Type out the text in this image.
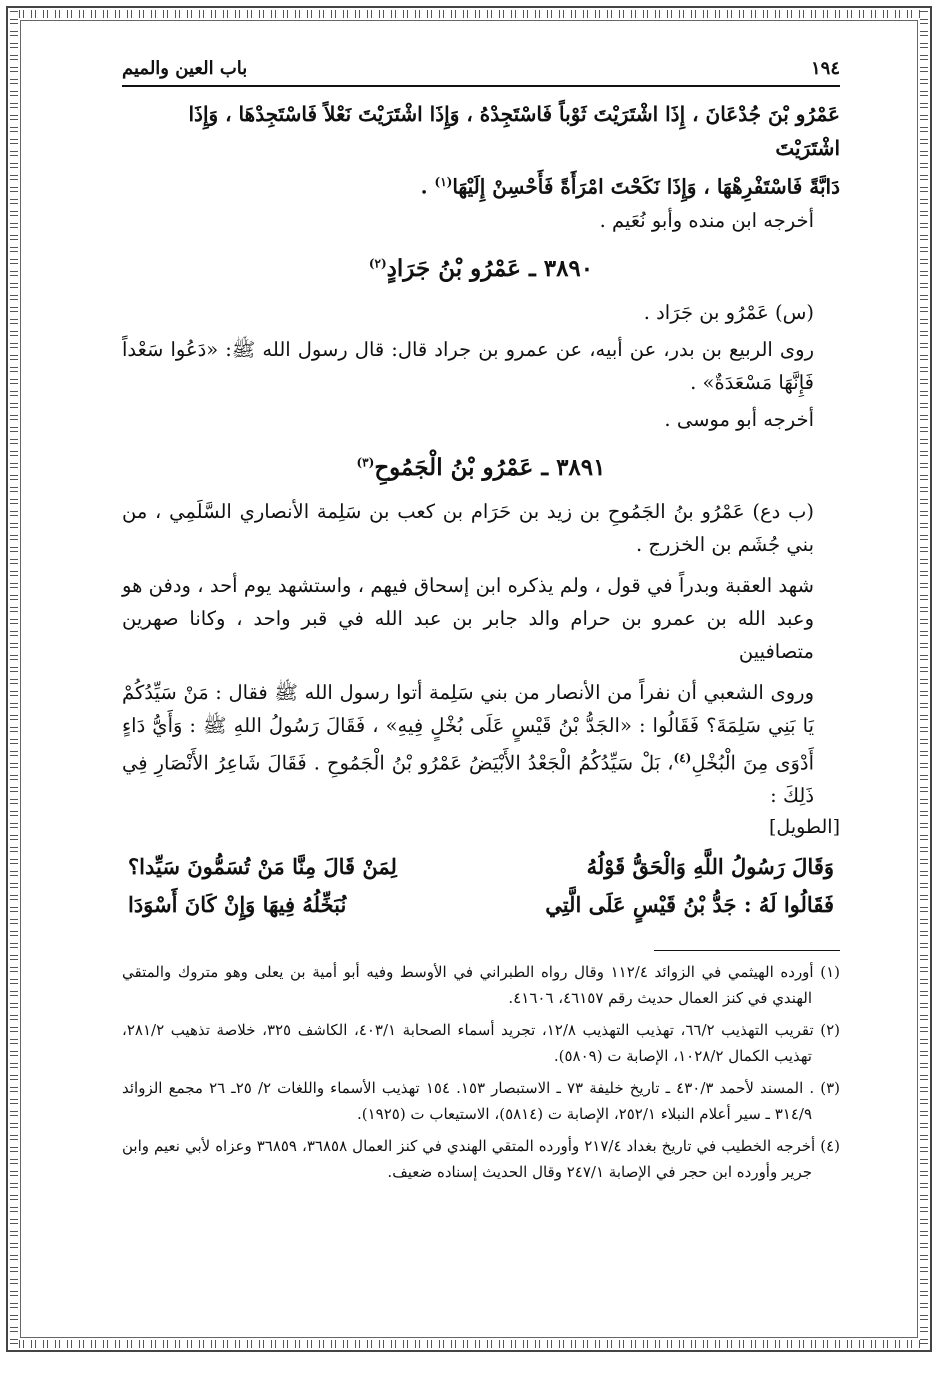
١٩٤
باب العين والميم

عَمْرُو بْنَ جُدْعَانَ ، إِذَا اشْتَرَيْتَ ثَوْباً فَاسْتَجِدْهُ ، وَإِذَا اشْتَرَيْتَ نَعْلاً فَاسْتَجِدْهَا ، وَإِذَا اشْتَرَيْتَ

دَابَّةً فَاسْتَفْرِهْهَا ، وَإِذَا نَكَحْتَ امْرَأَةً فَأَحْسِنْ إِلَيْهَا$^{(١)}$ .

أخرجه ابن منده وأبو نُعَيم .

٣٨٩٠ ـ عَمْرُو بْنُ جَرَادٍ$^{(٢)}$

(س) عَمْرُو بن جَرَاد .

روى الربيع بن بدر، عن أبيه، عن عمرو بن جراد قال: قال رسول الله ﷺ: «دَعُوا سَعْداً فَإِنَّهَا مَسْعَدَةٌ» .

أخرجه أبو موسى .

٣٨٩١ ـ عَمْرُو بْنُ الْجَمُوحِ$^{(٣)}$

(ب دع) عَمْرُو بنُ الجَمُوحِ بن زيد بن حَرَام بن كعب بن سَلِمة الأنصاري السَّلَمِي ، من بني جُشَم بن الخزرج .

شهد العقبة وبدراً في قول ، ولم يذكره ابن إسحاق فيهم ، واستشهد يوم أحد ، ودفن هو وعبد الله بن عمرو بن حرام والد جابر بن عبد الله في قبر واحد ، وكانا صهرين متصافيين

وروى الشعبي أن نفراً من الأنصار من بني سَلِمة أتوا رسول الله ﷺ فقال : مَنْ سَيِّدُكُمْ يَا بَنِي سَلِمَةَ؟ فَقَالُوا : «الجَدُّ بْنُ قَيْسٍ عَلَى بُخْلٍ فِيهِ» ، فَقَالَ رَسُولُ اللهِ ﷺ : وَأَيُّ دَاءٍ أَدْوَى مِنَ الْبُخْلِ$^{(٤)}$، بَلْ سَيِّدُكُمُ الْجَعْدُ الأَبْيَضُ عَمْرُو بْنُ الْجَمُوحِ . فَقَالَ شَاعِرُ الأَنْصَارِ فِي ذَلِكَ :

[الطويل]

وَقَالَ رَسُولُ اللَّهِ وَالْحَقُّ قَوْلُهُ
لِمَنْ قَالَ مِنَّا مَنْ تُسَمُّونَ سَيِّدا؟
فَقَالُوا لَهُ : جَدُّ بْنُ قَيْسٍ عَلَى الَّتِي
نُبَخِّلُهُ فِيهَا وَإِنْ كَانَ أَسْوَدَا

(١) أورده الهيثمي في الزوائد ١١٢/٤ وقال رواه الطبراني في الأوسط وفيه أبو أمية بن يعلى وهو متروك والمتقي الهندي في كنز العمال حديث رقم ٤٦١٥٧، ٤١٦٠٦.

(٢) تقريب التهذيب ٦٦/٢، تهذيب التهذيب ١٢/٨، تجريد أسماء الصحابة ٤٠٣/١، الكاشف ٣٢٥، خلاصة تذهيب ٢٨١/٢، تهذيب الكمال ١٠٢٨/٢، الإصابة ت (٥٨٠٩).

(٣) . المسند لأحمد ٤٣٠/٣ ـ تاريخ خليفة ٧٣ ـ الاستبصار ١٥٣. ١٥٤ تهذيب الأسماء واللغات ٢/ ٢٥ـ ٢٦ مجمع الزوائد ٣١٤/٩ ـ سير أعلام النبلاء ٢٥٢/١، الإصابة ت (٥٨١٤)، الاستيعاب ت (١٩٢٥).

(٤) أخرجه الخطيب في تاريخ بغداد ٢١٧/٤ وأورده المتقي الهندي في كنز العمال ٣٦٨٥٨، ٣٦٨٥٩ وعزاه لأبي نعيم وابن جرير وأورده ابن حجر في الإصابة ٢٤٧/١ وقال الحديث إسناده ضعيف.
